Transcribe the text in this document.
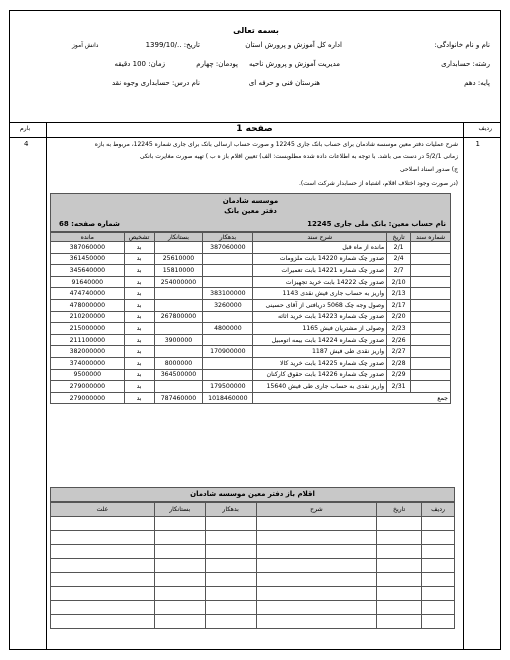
بسمه تعالی
نام و نام خانوادگی:
اداره کل آموزش و پرورش استان
تاریخ: ../1399/10
دانش آموز
رشته: حسابداری
مدیریت آموزش و پرورش ناحیه
پودمان: چهارم
زمان: 100 دقیقه
پایه: دهم
هنرستان فنی و حرفه ای
نام درس: حسابداری وجوه نقد
ردیف
صفحه 1
بارم
1
4	شرح عملیات دفتر معین موسسه شادمان برای حساب بانک جاری 12245 و صورت حساب ارسالی بانک برای جاری شماره 12245، مربوط به بازه
زمانی 5/2/1 در دست می باشد. با توجه به اطلاعات داده شده مطلوبست: الف) تعیین اقلام باز ه ب ) تهیه صورت مغایرت بانکی
ج) صدور اسناد اصلاحی
(در صورت وجود اختلاف اقلام، اشتباه از حسابدار شرکت است).
موسسه شادمان
دفتر معین بانک
نام حساب معین: بانک ملی جاری 12245
شماره صفحه: 68
شماره سند	تاریخ	شرح سند	بدهکار	بستانکار	تشخیص	مانده
	2/1	مانده از ماه قبل	387060000		بد	387060000
	2/4	صدور چک شماره 14220 بابت ملزومات		25610000	بد	361450000
	2/7	صدور چک شماره 14221 بابت تعمیرات		15810000	بد	345640000
	2/10	صدور چک 14222 بابت خرید تجهیزات		254000000	بد	91640000
	2/13	واریز به حساب جاری فیش نقدی 1143	383100000		بد	474740000
	2/17	وصول وجه چک 5068 دریافتی از آقای حسینی	3260000		بد	478000000
	2/20	صدور چک شماره 14223 بابت خرید اثاثه		267800000	بد	210200000
	2/23	وصولی از مشتریان فیش 1165	4800000		بد	215000000
	2/26	صدور چک شماره 14224 بابت بیمه اتومبیل		3900000	بد	211100000
	2/27	واریز نقدی طی فیش 1187	170900000		بد	382000000
	2/28	صدور چک شماره 14225 بابت خرید کالا		8000000	بد	374000000
	2/29	صدور چک شماره 14226 بابت حقوق کارکنان		364500000	بد	9500000
	2/31	واریز نقدی به حساب جاری طی فیش 15640	179500000		بد	279000000
جمع			1018460000	787460000	بد	279000000
اقلام باز دفتر معین موسسه شادمان
ردیف	تاریخ	شرح	بدهکار	بستانکار	علت
